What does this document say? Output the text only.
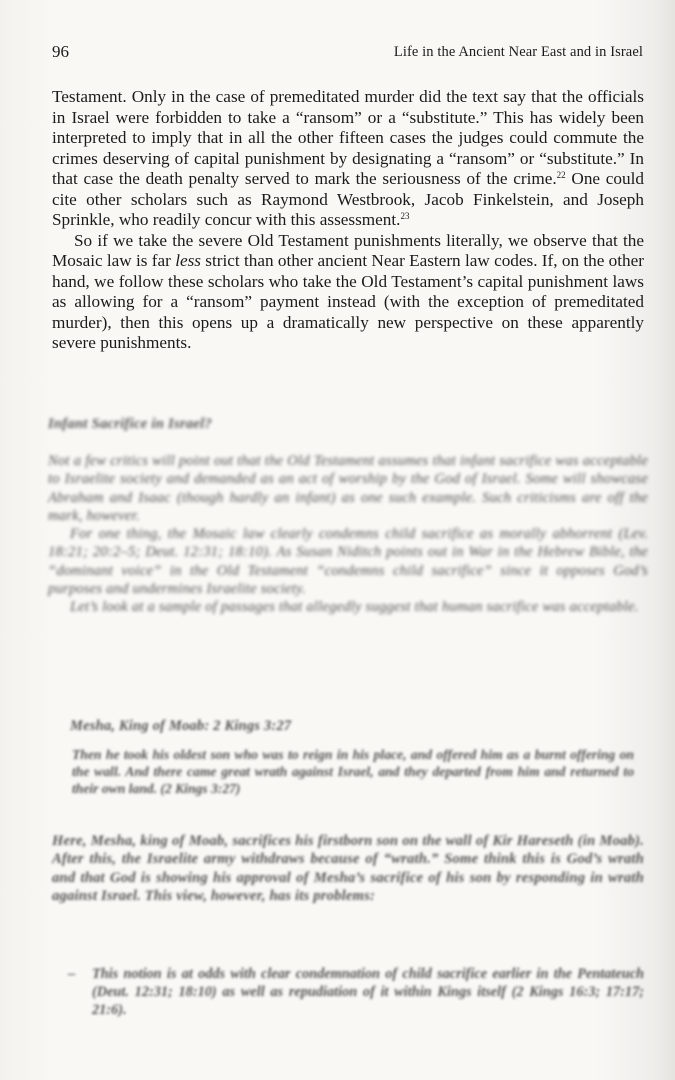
96	Life in the Ancient Near East and in Israel

Testament. Only in the case of premeditated murder did the text say that the officials in Israel were forbidden to take a “ransom” or a “substitute.” This has widely been interpreted to imply that in all the other fifteen cases the judges could commute the crimes deserving of capital punishment by designating a “ransom” or “substitute.” In that case the death penalty served to mark the seriousness of the crime.$^{22}$ One could cite other scholars such as Raymond Westbrook, Jacob Finkelstein, and Joseph Sprinkle, who readily concur with this assessment.$^{23}$

So if we take the severe Old Testament punishments literally, we observe that the Mosaic law is far less strict than other ancient Near Eastern law codes. If, on the other hand, we follow these scholars who take the Old Testament’s capital punishment laws as allowing for a “ransom” payment instead (with the exception of premeditated murder), then this opens up a dramatically new perspective on these apparently severe punishments.

Infant Sacrifice in Israel?

Not a few critics will point out that the Old Testament assumes that infant sacrifice was acceptable to Israelite society and demanded as an act of worship by the God of Israel. Some will showcase Abraham and Isaac (though hardly an infant) as one such example. Such criticisms are off the mark, however.

For one thing, the Mosaic law clearly condemns child sacrifice as morally abhorrent (Lev. 18:21; 20:2–5; Deut. 12:31; 18:10). As Susan Niditch points out in War in the Hebrew Bible, the “dominant voice” in the Old Testament “condemns child sacrifice” since it opposes God’s purposes and undermines Israelite society.

Let’s look at a sample of passages that allegedly suggest that human sacrifice was acceptable.

Mesha, King of Moab: 2 Kings 3:27
Then he took his oldest son who was to reign in his place, and offered him as a burnt offering on the wall. And there came great wrath against Israel, and they departed from him and returned to their own land. (2 Kings 3:27)

Here, Mesha, king of Moab, sacrifices his firstborn son on the wall of Kir Hareseth (in Moab). After this, the Israelite army withdraws because of “wrath.” Some think this is God’s wrath and that God is showing his approval of Mesha’s sacrifice of his son by responding in wrath against Israel. This view, however, has its problems:

–	This notion is at odds with clear condemnation of child sacrifice earlier in the Pentateuch (Deut. 12:31; 18:10) as well as repudiation of it within Kings itself (2 Kings 16:3; 17:17; 21:6).
